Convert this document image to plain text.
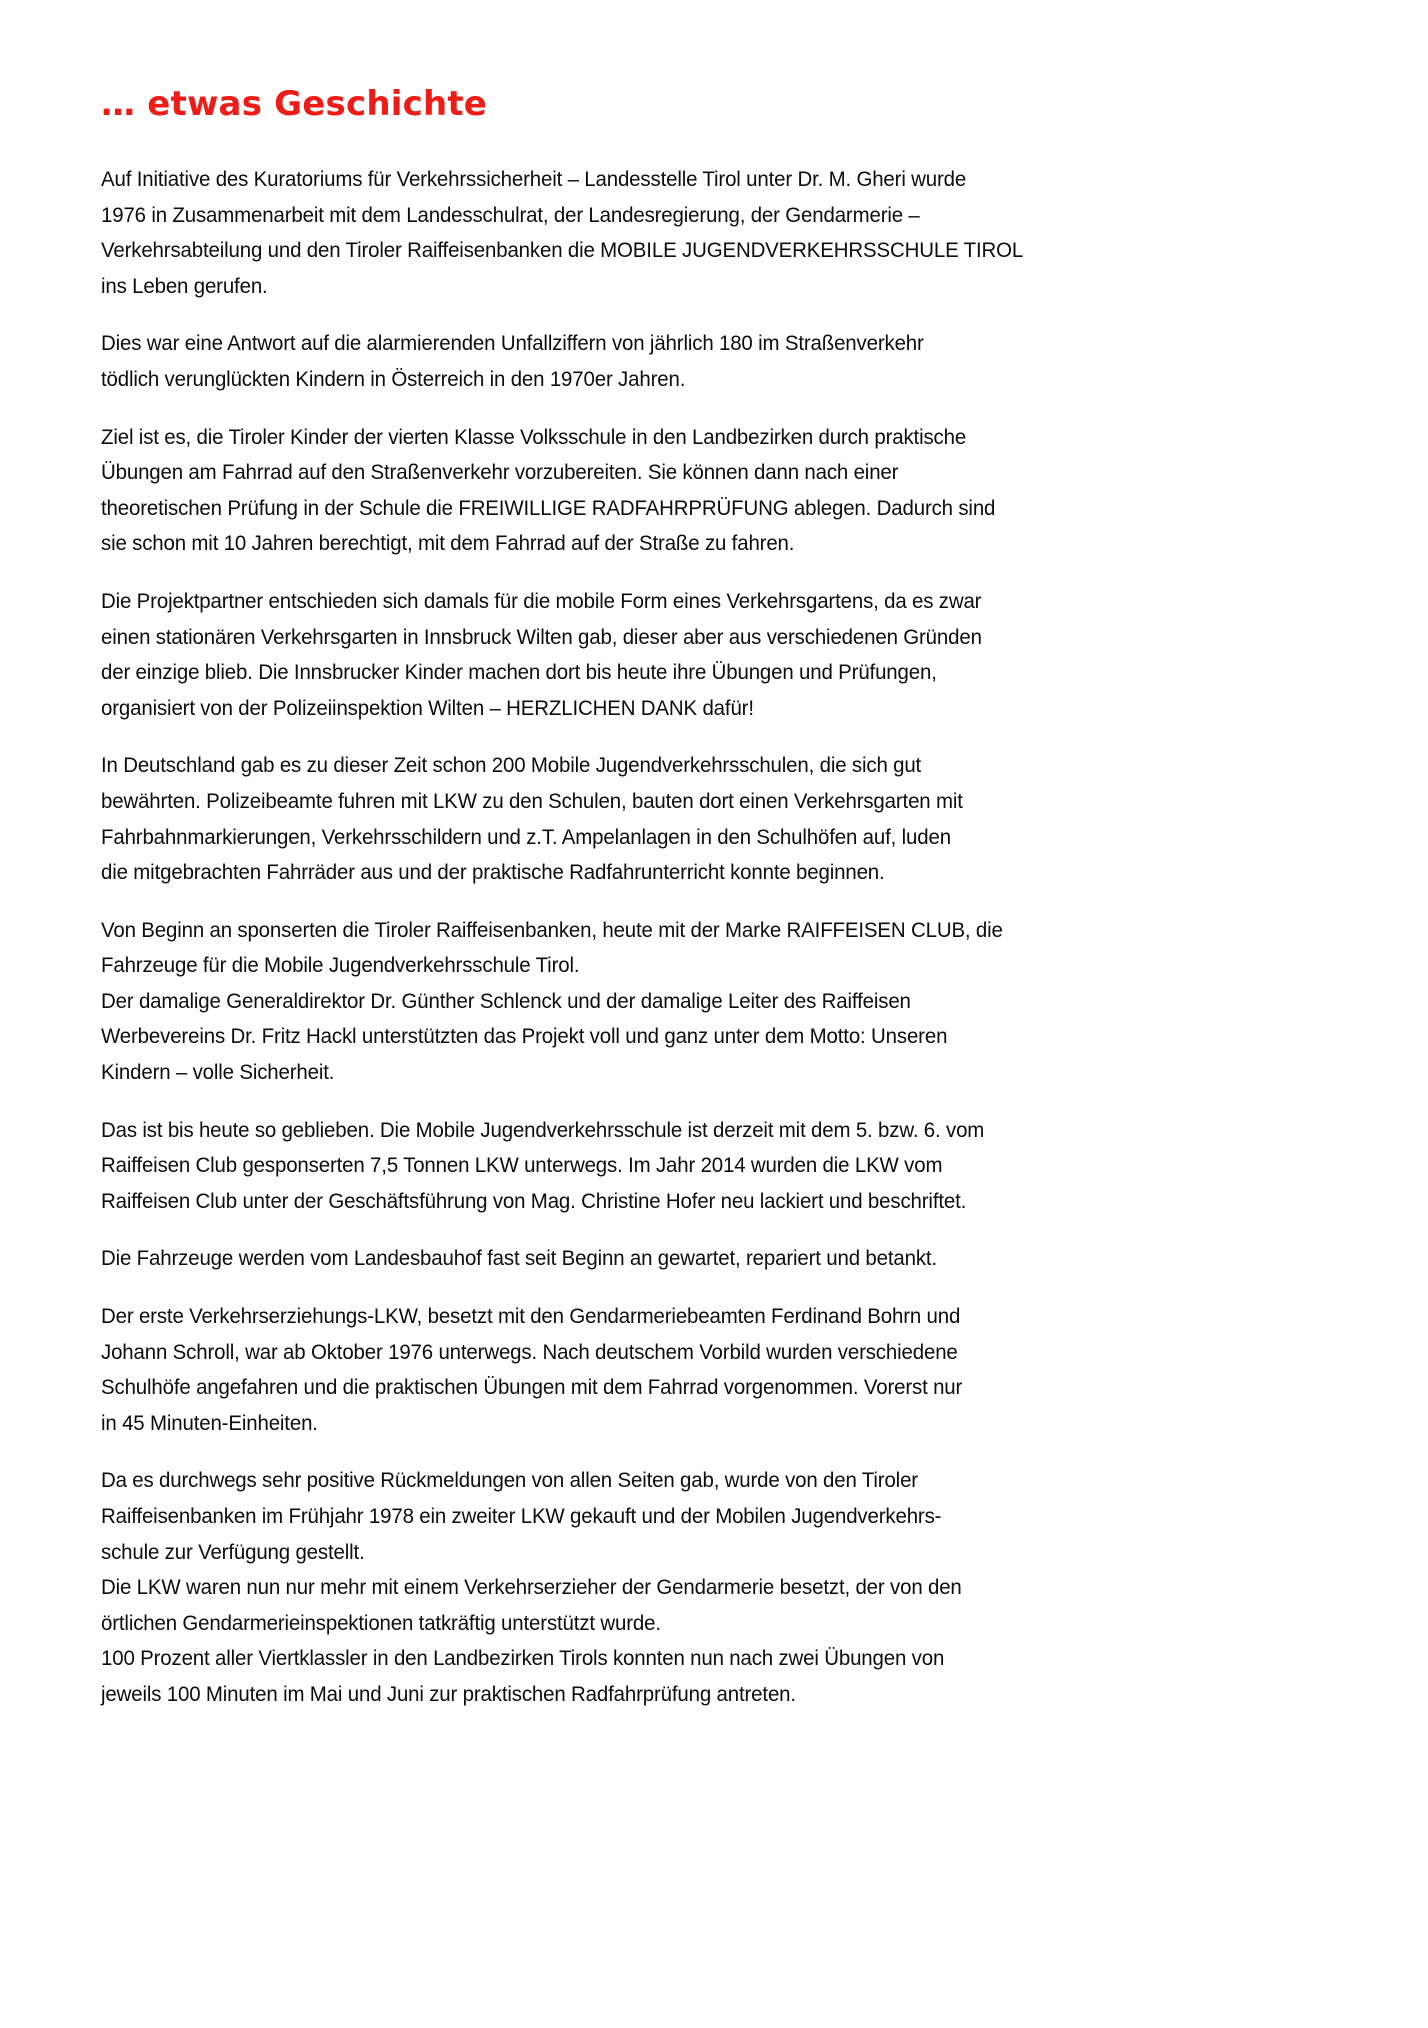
… etwas Geschichte
Auf Initiative des Kuratoriums für Verkehrssicherheit – Landesstelle Tirol unter Dr. M. Gheri wurde
1976 in Zusammenarbeit mit dem Landesschulrat, der Landesregierung, der Gendarmerie –
Verkehrsabteilung und den Tiroler Raiffeisenbanken die MOBILE JUGENDVERKEHRSSCHULE TIROL
ins Leben gerufen.
Dies war eine Antwort auf die alarmierenden Unfallziffern von jährlich 180 im Straßenverkehr
tödlich verunglückten Kindern in Österreich in den 1970er Jahren.
Ziel ist es, die Tiroler Kinder der vierten Klasse Volksschule in den Landbezirken durch praktische
Übungen am Fahrrad auf den Straßenverkehr vorzubereiten. Sie können dann nach einer
theoretischen Prüfung in der Schule die FREIWILLIGE RADFAHRPRÜFUNG ablegen. Dadurch sind
sie schon mit 10 Jahren berechtigt, mit dem Fahrrad auf der Straße zu fahren.
Die Projektpartner entschieden sich damals für die mobile Form eines Verkehrsgartens, da es zwar
einen stationären Verkehrsgarten in Innsbruck Wilten gab, dieser aber aus verschiedenen Gründen
der einzige blieb. Die Innsbrucker Kinder machen dort bis heute ihre Übungen und Prüfungen,
organisiert von der Polizeiinspektion Wilten – HERZLICHEN DANK dafür!
In Deutschland gab es zu dieser Zeit schon 200 Mobile Jugendverkehrsschulen, die sich gut
bewährten. Polizeibeamte fuhren mit LKW zu den Schulen, bauten dort einen Verkehrsgarten mit
Fahrbahnmarkierungen, Verkehrsschildern und z.T. Ampelanlagen in den Schulhöfen auf, luden
die mitgebrachten Fahrräder aus und der praktische Radfahrunterricht konnte beginnen.
Von Beginn an sponserten die Tiroler Raiffeisenbanken, heute mit der Marke RAIFFEISEN CLUB, die
Fahrzeuge für die Mobile Jugendverkehrsschule Tirol.
Der damalige Generaldirektor Dr. Günther Schlenck und der damalige Leiter des Raiffeisen
Werbevereins Dr. Fritz Hackl unterstützten das Projekt voll und ganz unter dem Motto: Unseren
Kindern – volle Sicherheit.
Das ist bis heute so geblieben. Die Mobile Jugendverkehrsschule ist derzeit mit dem 5. bzw. 6. vom
Raiffeisen Club gesponserten 7,5 Tonnen LKW unterwegs. Im Jahr 2014 wurden die LKW vom
Raiffeisen Club unter der Geschäftsführung von Mag. Christine Hofer neu lackiert und beschriftet.
Die Fahrzeuge werden vom Landesbauhof fast seit Beginn an gewartet, repariert und betankt.
Der erste Verkehrserziehungs-LKW, besetzt mit den Gendarmeriebeamten Ferdinand Bohrn und
Johann Schroll, war ab Oktober 1976 unterwegs. Nach deutschem Vorbild wurden verschiedene
Schulhöfe angefahren und die praktischen Übungen mit dem Fahrrad vorgenommen. Vorerst nur
in 45 Minuten-Einheiten.
Da es durchwegs sehr positive Rückmeldungen von allen Seiten gab, wurde von den Tiroler
Raiffeisenbanken im Frühjahr 1978 ein zweiter LKW gekauft und der Mobilen Jugendverkehrs-
schule zur Verfügung gestellt.
Die LKW waren nun nur mehr mit einem Verkehrserzieher der Gendarmerie besetzt, der von den
örtlichen Gendarmerieinspektionen tatkräftig unterstützt wurde.
100 Prozent aller Viertklassler in den Landbezirken Tirols konnten nun nach zwei Übungen von
jeweils 100 Minuten im Mai und Juni zur praktischen Radfahrprüfung antreten.
